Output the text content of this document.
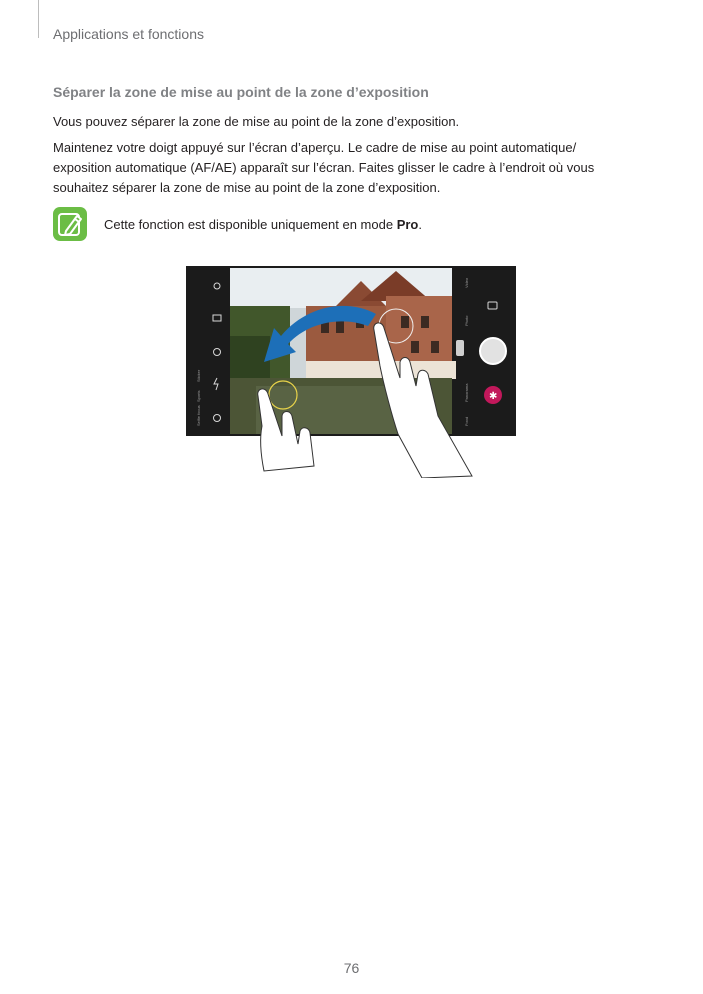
Applications et fonctions
Séparer la zone de mise au point de la zone d’exposition
Vous pouvez séparer la zone de mise au point de la zone d’exposition.
Maintenez votre doigt appuyé sur l’écran d’aperçu. Le cadre de mise au point automatique/ exposition automatique (AF/AE) apparaît sur l’écran. Faites glisser le cadre à l’endroit où vous souhaitez séparer la zone de mise au point de la zone d’exposition.
Cette fonction est disponible uniquement en mode Pro.
Selfie focus
Sticker
Sports	Panorama
Photo
Video
Food
✱
76
